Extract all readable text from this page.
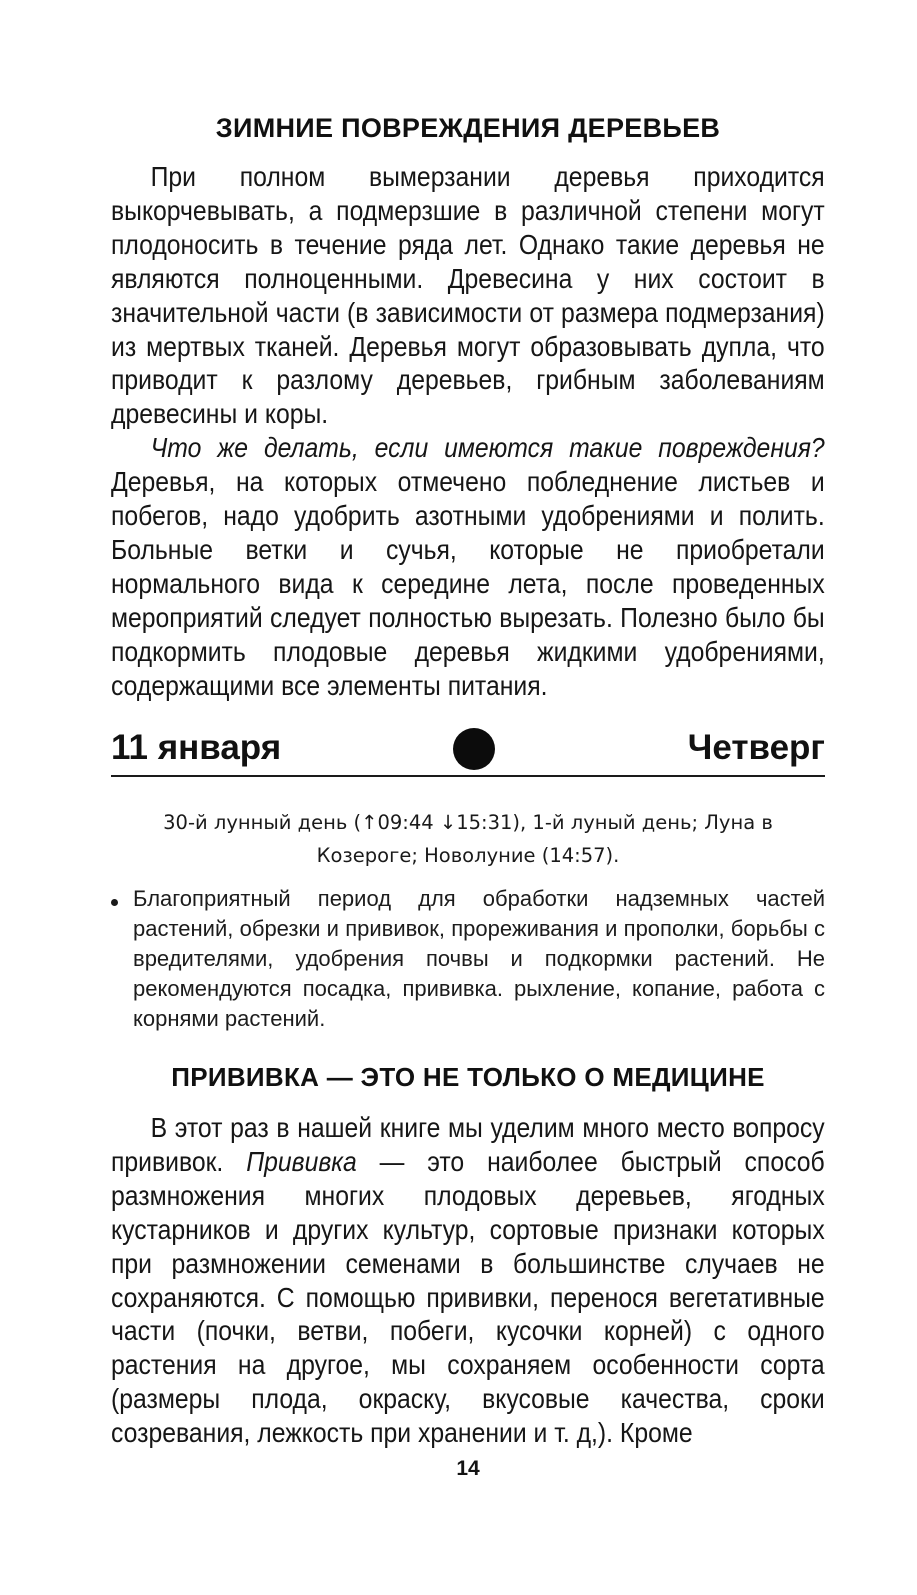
ЗИМНИЕ ПОВРЕЖДЕНИЯ ДЕРЕВЬЕВ

При полном вымерзании деревья приходится выкорчевывать, а подмерзшие в различной степени могут плодоносить в течение ряда лет. Однако такие деревья не являются полноценными. Древесина у них состоит в значительной части (в зависимости от размера подмерзания) из мертвых тканей. Деревья могут образовывать дупла, что приводит к разлому деревьев, грибным заболеваниям древесины и коры.

Что же делать, если имеются такие повреждения? Деревья, на которых отмечено побледнение листьев и побегов, надо удобрить азотными удобрениями и полить. Больные ветки и сучья, которые не приобретали нормального вида к середине лета, после проведенных мероприятий следует полностью вырезать. Полезно было бы подкормить плодовые деревья жидкими удобрениями, содержащими все элементы питания.

11 января	Четверг
30-й лунный день (↑09:44 ↓15:31), 1-й луный день; Луна в
Козероге; Новолуние (14:57).
Благоприятный период для обработки надземных частей растений, обрезки и прививок, прореживания и прополки, борьбы с вредителями, удобрения почвы и подкормки растений. Не рекомендуются посадка, прививка. рыхление, копание, работа с корнями растений.
ПРИВИВКА — ЭТО НЕ ТОЛЬКО О МЕДИЦИНЕ

В этот раз в нашей книге мы уделим много место вопросу прививок. Прививка — это наиболее быстрый способ размножения многих плодовых деревьев, ягодных кустарников и других культур, сортовые признаки которых при размножении семенами в большинстве случаев не сохраняются. С помощью прививки, перенося вегетативные части (почки, ветви, побеги, кусочки корней) с одного растения на другое, мы сохраняем особенности сорта (размеры плода, окраску, вкусовые качества, сроки созревания, лежкость при хранении и т. д,). Кроме

14
